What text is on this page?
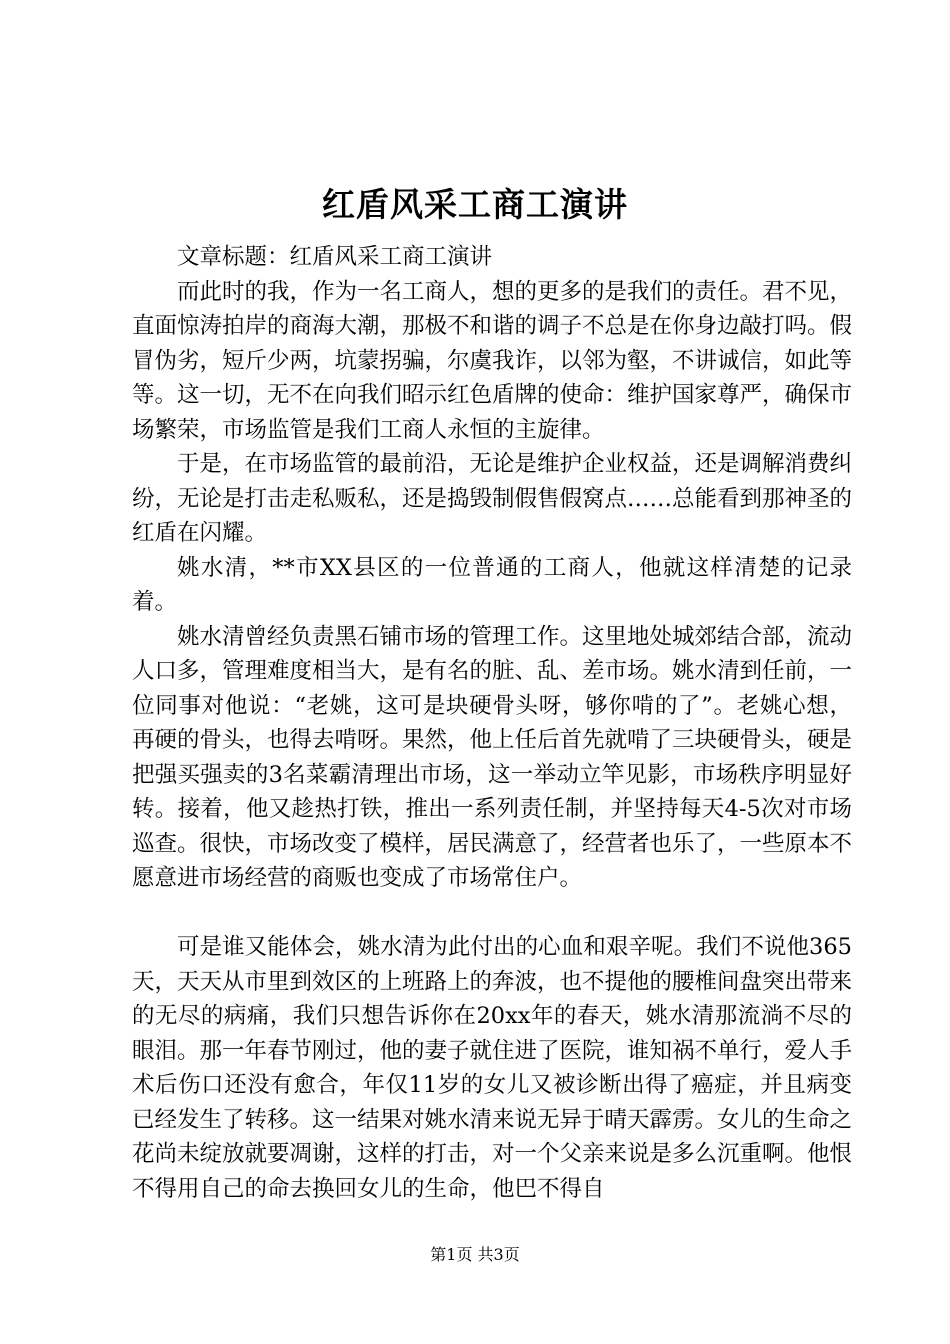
红盾风采工商工演讲

文章标题：红盾风采工商工演讲

而此时的我，作为一名工商人，想的更多的是我们的责任。君不见，直面惊涛拍岸的商海大潮，那极不和谐的调子不总是在你身边敲打吗。假冒伪劣，短斤少两，坑蒙拐骗，尔虞我诈，以邻为壑，不讲诚信，如此等等。这一切，无不在向我们昭示红色盾牌的使命：维护国家尊严，确保市场繁荣，市场监管是我们工商人永恒的主旋律。

于是，在市场监管的最前沿，无论是维护企业权益，还是调解消费纠纷，无论是打击走私贩私，还是捣毁制假售假窝点……总能看到那神圣的红盾在闪耀。

姚水清，**市XX县区的一位普通的工商人，他就这样清楚的记录着。

姚水清曾经负责黑石铺市场的管理工作。这里地处城郊结合部，流动人口多，管理难度相当大，是有名的脏、乱、差市场。姚水清到任前，一位同事对他说：“老姚，这可是块硬骨头呀，够你啃的了”。老姚心想，再硬的骨头，也得去啃呀。果然，他上任后首先就啃了三块硬骨头，硬是把强买强卖的3名菜霸清理出市场，这一举动立竿见影，市场秩序明显好转。接着，他又趁热打铁，推出一系列责任制，并坚持每天4-5次对市场巡查。很快，市场改变了模样，居民满意了，经营者也乐了，一些原本不愿意进市场经营的商贩也变成了市场常住户。

可是谁又能体会，姚水清为此付出的心血和艰辛呢。我们不说他365天，天天从市里到效区的上班路上的奔波，也不提他的腰椎间盘突出带来的无尽的病痛，我们只想告诉你在20xx年的春天，姚水清那流淌不尽的眼泪。那一年春节刚过，他的妻子就住进了医院，谁知祸不单行，爱人手术后伤口还没有愈合，年仅11岁的女儿又被诊断出得了癌症，并且病变已经发生了转移。这一结果对姚水清来说无异于晴天霹雳。女儿的生命之花尚未绽放就要凋谢，这样的打击，对一个父亲来说是多么沉重啊。他恨不得用自己的命去换回女儿的生命，他巴不得自

第1页 共3页
